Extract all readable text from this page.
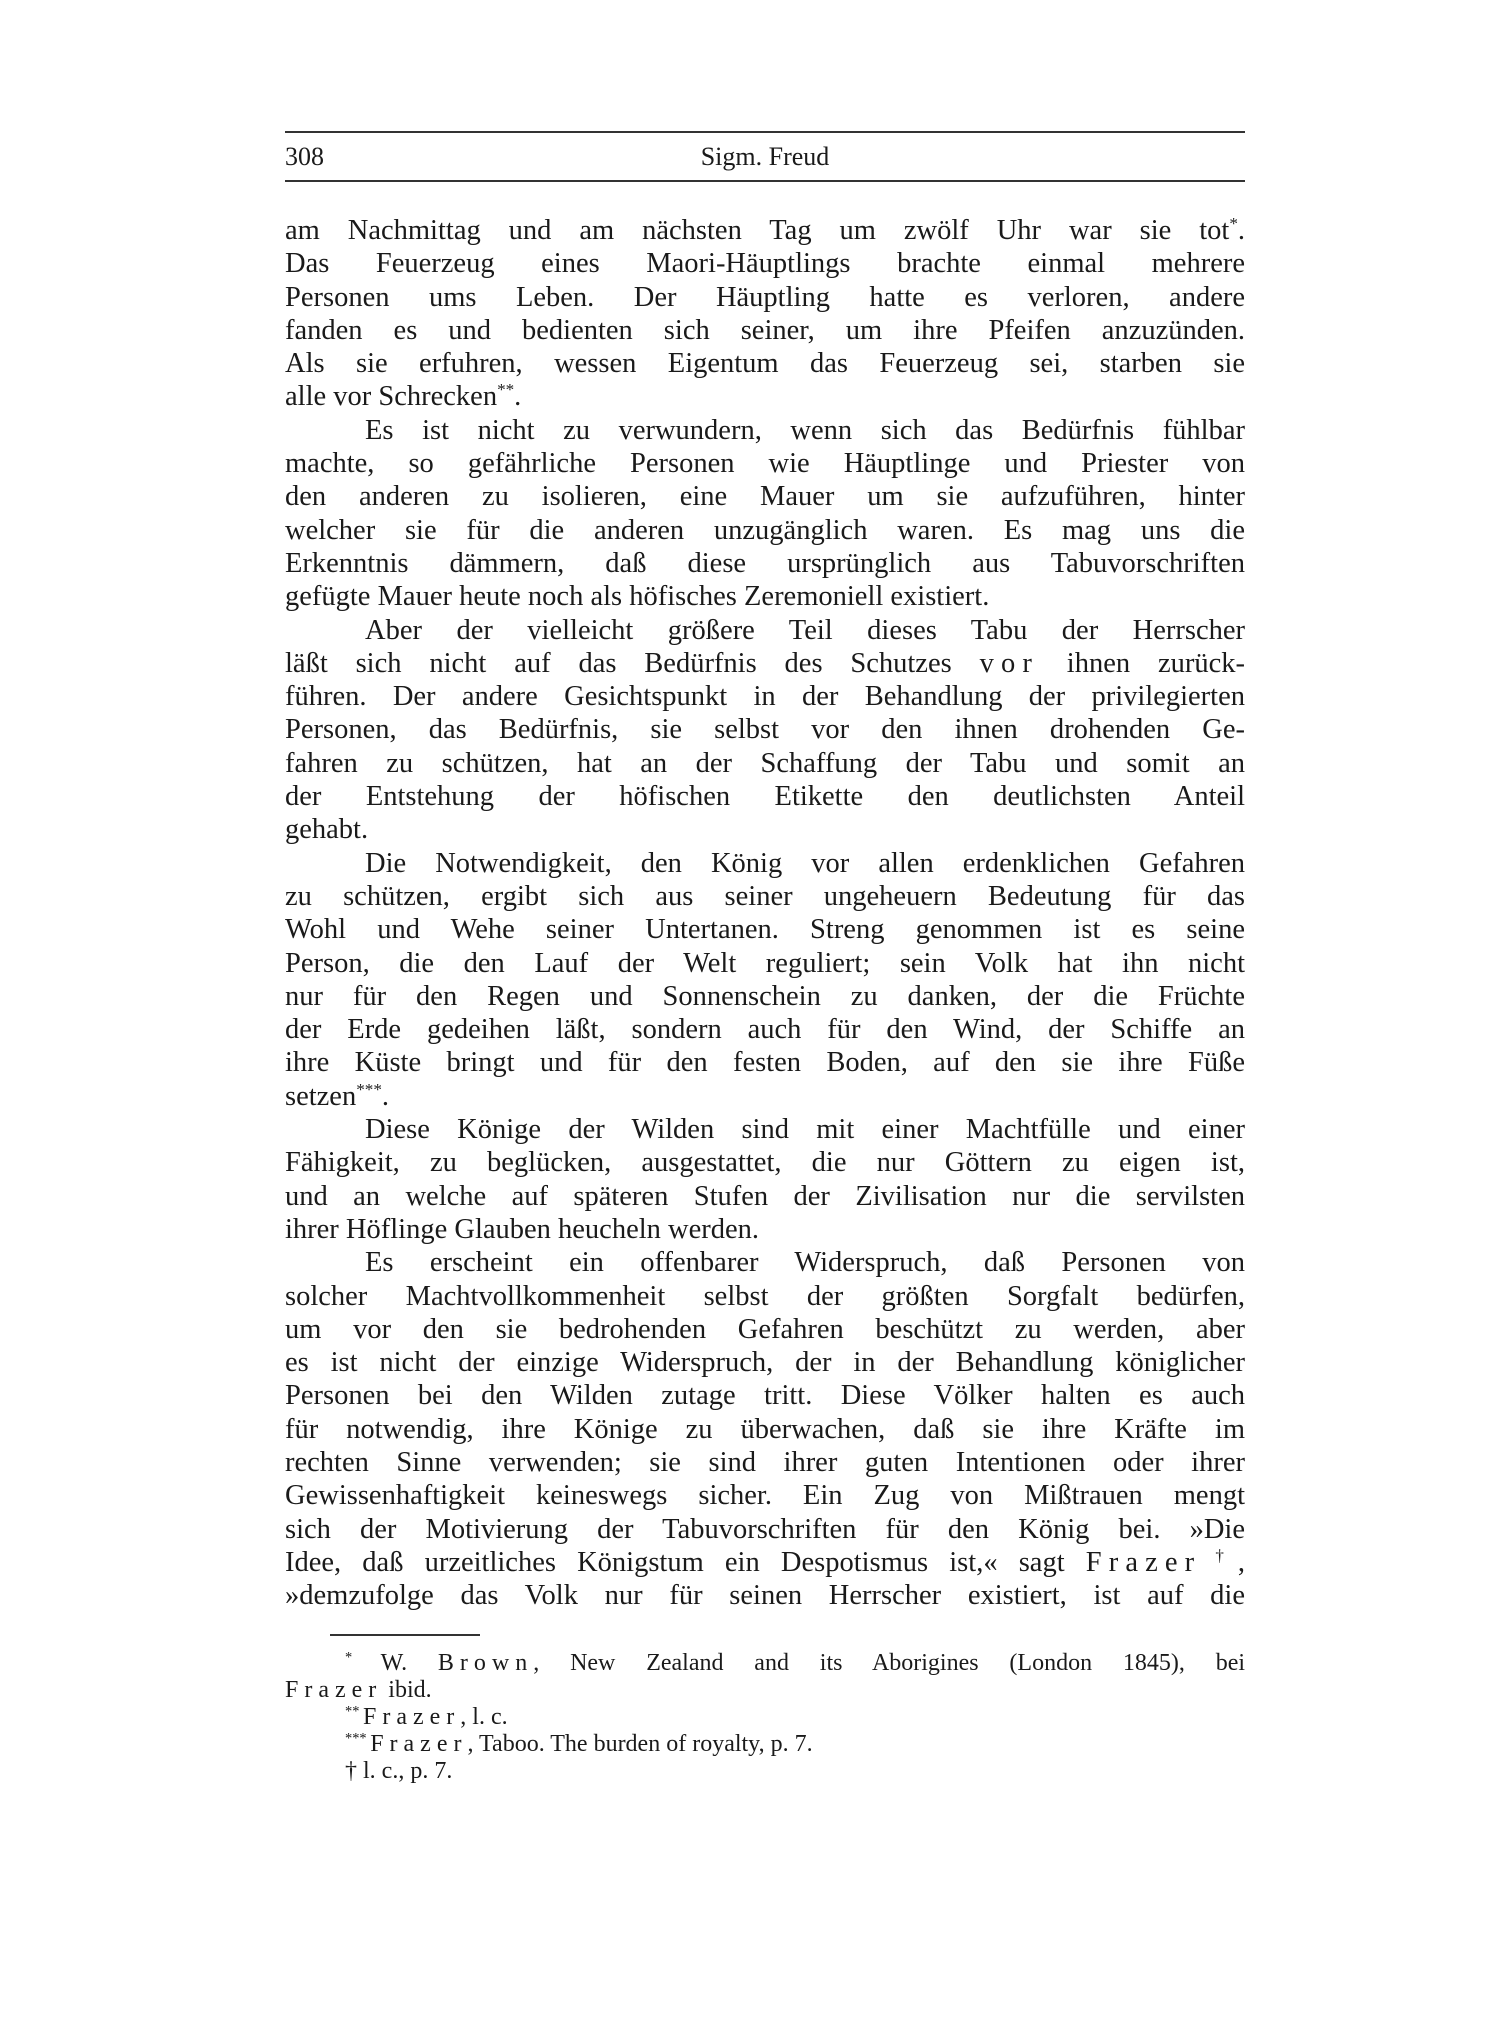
308	Sigm. Freud
am Nachmittag und am nächsten Tag um zwölf Uhr war sie tot*.
Das Feuerzeug eines Maori-Häuptlings brachte einmal mehrere
Personen ums Leben. Der Häuptling hatte es verloren, andere
fanden es und bedienten sich seiner, um ihre Pfeifen anzuzünden.
Als sie erfuhren, wessen Eigentum das Feuerzeug sei, starben sie
alle vor Schrecken**.
Es ist nicht zu verwundern, wenn sich das Bedürfnis fühlbar
machte, so gefährliche Personen wie Häuptlinge und Priester von
den anderen zu isolieren, eine Mauer um sie aufzuführen, hinter
welcher sie für die anderen unzugänglich waren. Es mag uns die
Erkenntnis dämmern, daß diese ursprünglich aus Tabuvorschriften
gefügte Mauer heute noch als höfisches Zeremoniell existiert.
Aber der vielleicht größere Teil dieses Tabu der Herrscher
läßt sich nicht auf das Bedürfnis des Schutzes vor ihnen zurück-
führen. Der andere Gesichtspunkt in der Behandlung der privilegierten
Personen, das Bedürfnis, sie selbst vor den ihnen drohenden Ge-
fahren zu schützen, hat an der Schaffung der Tabu und somit an
der Entstehung der höfischen Etikette den deutlichsten Anteil
gehabt.
Die Notwendigkeit, den König vor allen erdenklichen Gefahren
zu schützen, ergibt sich aus seiner ungeheuern Bedeutung für das
Wohl und Wehe seiner Untertanen. Streng genommen ist es seine
Person, die den Lauf der Welt reguliert; sein Volk hat ihn nicht
nur für den Regen und Sonnenschein zu danken, der die Früchte
der Erde gedeihen läßt, sondern auch für den Wind, der Schiffe an
ihre Küste bringt und für den festen Boden, auf den sie ihre Füße
setzen***.
Diese Könige der Wilden sind mit einer Machtfülle und einer
Fähigkeit, zu beglücken, ausgestattet, die nur Göttern zu eigen ist,
und an welche auf späteren Stufen der Zivilisation nur die servilsten
ihrer Höflinge Glauben heucheln werden.
Es erscheint ein offenbarer Widerspruch, daß Personen von
solcher Machtvollkommenheit selbst der größten Sorgfalt bedürfen,
um vor den sie bedrohenden Gefahren beschützt zu werden, aber
es ist nicht der einzige Widerspruch, der in der Behandlung königlicher
Personen bei den Wilden zutage tritt. Diese Völker halten es auch
für notwendig, ihre Könige zu überwachen, daß sie ihre Kräfte im
rechten Sinne verwenden; sie sind ihrer guten Intentionen oder ihrer
Gewissenhaftigkeit keineswegs sicher. Ein Zug von Mißtrauen mengt
sich der Motivierung der Tabuvorschriften für den König bei. »Die
Idee, daß urzeitliches Königstum ein Despotismus ist,« sagt Frazer†,
»demzufolge das Volk nur für seinen Herrscher existiert, ist auf die
* W. Brown, New Zealand and its Aborigines (London 1845), bei
Frazer ibid.
** Frazer, l. c.
*** Frazer, Taboo. The burden of royalty, p. 7.
† l. c., p. 7.
